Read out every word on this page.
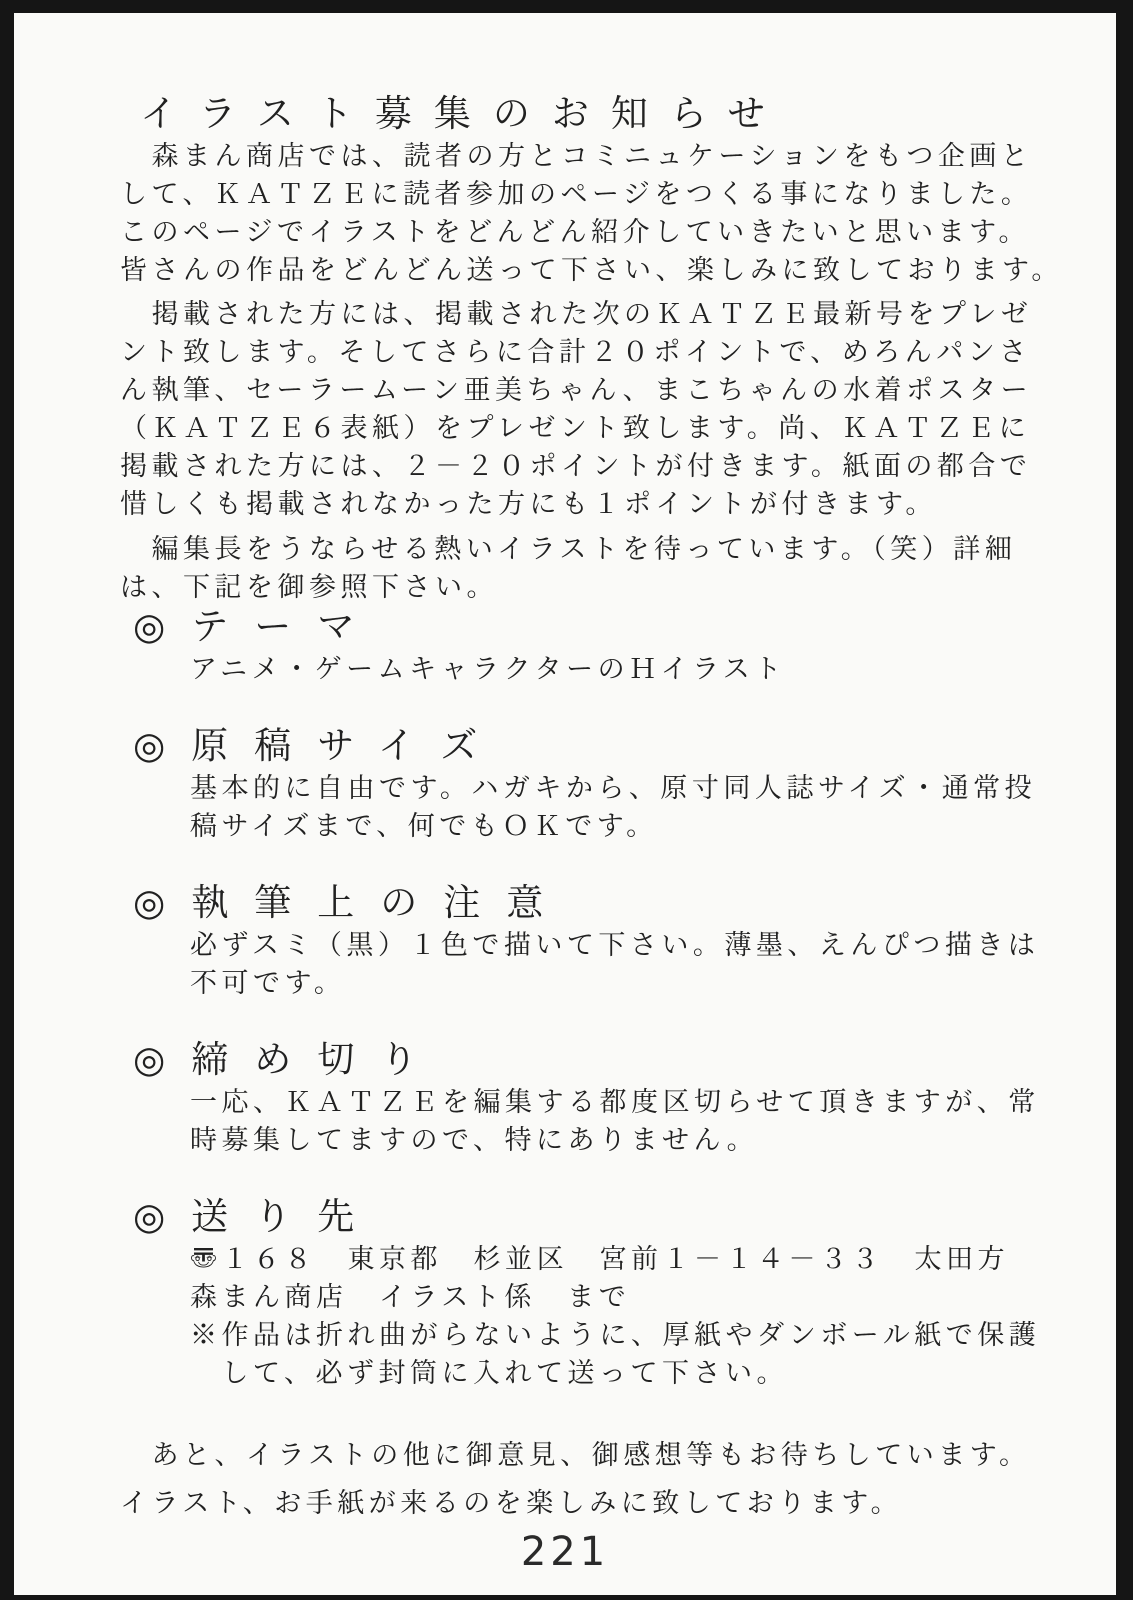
イラスト募集のお知らせ
　森まん商店では、読者の方とコミニュケーションをもつ企画と
して、ＫＡＴＺＥに読者参加のページをつくる事になりました。
このページでイラストをどんどん紹介していきたいと思います。
皆さんの作品をどんどん送って下さい、楽しみに致しております。
　掲載された方には、掲載された次のＫＡＴＺＥ最新号をプレゼ
ント致します。そしてさらに合計２０ポイントで、めろんパンさ
ん執筆、セーラームーン亜美ちゃん、まこちゃんの水着ポスター
（ＫＡＴＺＥ６表紙）をプレゼント致します。尚、ＫＡＴＺＥに
掲載された方には、２－２０ポイントが付きます。紙面の都合で
惜しくも掲載されなかった方にも１ポイントが付きます。
　編集長をうならせる熱いイラストを待っています。（笑）詳細
は、下記を御参照下さい。
◎テーマ
アニメ・ゲームキャラクターのＨイラスト
◎原稿サイズ
基本的に自由です。ハガキから、原寸同人誌サイズ・通常投
稿サイズまで、何でもＯＫです。
◎執筆上の注意
必ずスミ（黒）１色で描いて下さい。薄墨、えんぴつ描きは
不可です。
◎締め切り
一応、ＫＡＴＺＥを編集する都度区切らせて頂きますが、常
時募集してますので、特にありません。
◎送り先
〠１６８　東京都　杉並区　宮前１－１４－３３　太田方
森まん商店　イラスト係　まで
※作品は折れ曲がらないように、厚紙やダンボール紙で保護
　して、必ず封筒に入れて送って下さい。
　あと、イラストの他に御意見、御感想等もお待ちしています。
イラスト、お手紙が来るのを楽しみに致しております。
221
